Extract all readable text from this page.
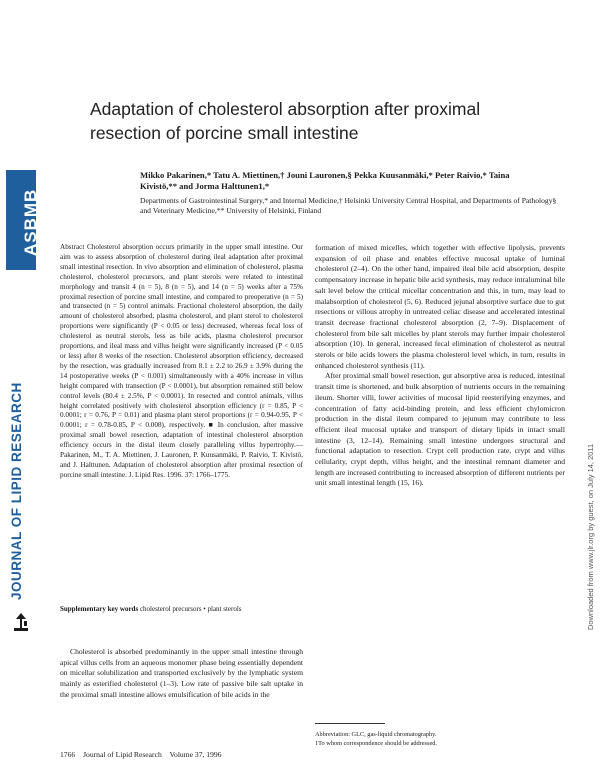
ASBMB
JOURNAL OF LIPID RESEARCH	Downloaded from www.jlr.org by guest, on July 14, 2011
Adaptation of cholesterol absorption after proximal resection of porcine small intestine
Mikko Pakarinen,* Tatu A. Miettinen,† Jouni Lauronen,§ Pekka Kuusanmäki,* Peter Raivio,* Taina Kivistö,** and Jorma Halttunen1,*
Departments of Gastrointestinal Surgery,* and Internal Medicine,† Helsinki University Central Hospital, and Departments of Pathology§ and Veterinary Medicine,** University of Helsinki, Finland
Abstract Cholesterol absorption occurs primarily in the upper small intestine. Our aim was to assess absorption of cholesterol during ileal adaptation after proximal small intestinal resection. In vivo absorption and elimination of cholesterol, plasma cholesterol, cholesterol precursors, and plant sterols were related to intestinal morphology and transit 4 (n = 5), 8 (n = 5), and 14 (n = 5) weeks after a 75% proximal resection of porcine small intestine, and compared to preoperative (n = 5) and transected (n = 5) control animals. Fractional cholesterol absorption, the daily amount of cholesterol absorbed, plasma cholesterol, and plant sterol to cholesterol proportions were significantly (P < 0.05 or less) decreased, whereas fecal loss of cholesterol as neutral sterols, less as bile acids, plasma cholesterol precursor proportions, and ileal mass and villus height were significantly increased (P < 0.05 or less) after 8 weeks of the resection. Cholesterol absorption efficiency, decreased by the resection, was gradually increased from 8.1 ± 2.2 to 26.9 ± 3.9% during the 14 postoperative weeks (P < 0.001) simultaneously with a 40% increase in villus height compared with transection (P < 0.0001), but absorption remained still below control levels (80.4 ± 2.5%, P < 0.0001). In resected and control animals, villus height correlated positively with cholesterol absorption efficiency (r = 0.85, P < 0.0001; r = 0.76, P = 0.01) and plasma plant sterol proportions (r = 0.94-0.95, P < 0.0001; r = 0.78-0.85, P < 0.008), respectively. ■ In conclusion, after massive proximal small bowel resection, adaptation of intestinal cholesterol absorption efficiency occurs in the distal ileum closely paralleling villus hypertrophy.—Pakarinen, M., T. A. Miettinen, J. Lauronen, P. Kuusanmäki, P. Raivio, T. Kivistö, and J. Halttunen. Adaptation of cholesterol absorption after proximal resection of porcine small intestine. J. Lipid Res. 1996. 37: 1766–1775.
Supplementary key words cholesterol precursors • plant sterols

Cholesterol is absorbed predominantly in the upper small intestine through apical villus cells from an aqueous monomer phase being essentially dependent on micellar solubilization and transported exclusively by the lymphatic system mainly as esterified cholesterol (1–3). Low rate of passive bile salt uptake in the proximal small intestine allows emulsification of bile acids in the

formation of mixed micelles, which together with effective lipolysis, prevents expansion of oil phase and enables effective mucosal uptake of luminal cholesterol (2–4). On the other hand, impaired ileal bile acid absorption, despite compensatory increase in hepatic bile acid synthesis, may reduce intraluminal bile salt level below the critical micellar concentration and this, in turn, may lead to malabsorption of cholesterol (5, 6). Reduced jejunal absorptive surface due to gut resections or villous atrophy in untreated celiac disease and accelerated intestinal transit decrease fractional cholesterol absorption (2, 7–9). Displacement of cholesterol from bile salt micelles by plant sterols may further impair cholesterol absorption (10). In general, increased fecal elimination of cholesterol as neutral sterols or bile acids lowers the plasma cholesterol level which, in turn, results in enhanced cholesterol synthesis (11).

After proximal small bowel resection, gut absorptive area is reduced, intestinal transit time is shortened, and bulk absorption of nutrients occurs in the remaining ileum. Shorter villi, lower activities of mucosal lipid reesterifying enzymes, and concentration of fatty acid-binding protein, and less efficient chylomicron production in the distal ileum compared to jejunum may contribute to less efficient ileal mucosal uptake and transport of dietary lipids in intact small intestine (3, 12–14). Remaining small intestine undergoes structural and functional adaptation to resection. Crypt cell production rate, crypt and villus cellularity, crypt depth, villus height, and the intestinal remnant diameter and length are increased contributing to increased absorption of different nutrients per unit small intestinal length (15, 16).

Abbreviation: GLC, gas-liquid chromatography.
1To whom correspondence should be addressed.
1766 Journal of Lipid Research Volume 37, 1996
